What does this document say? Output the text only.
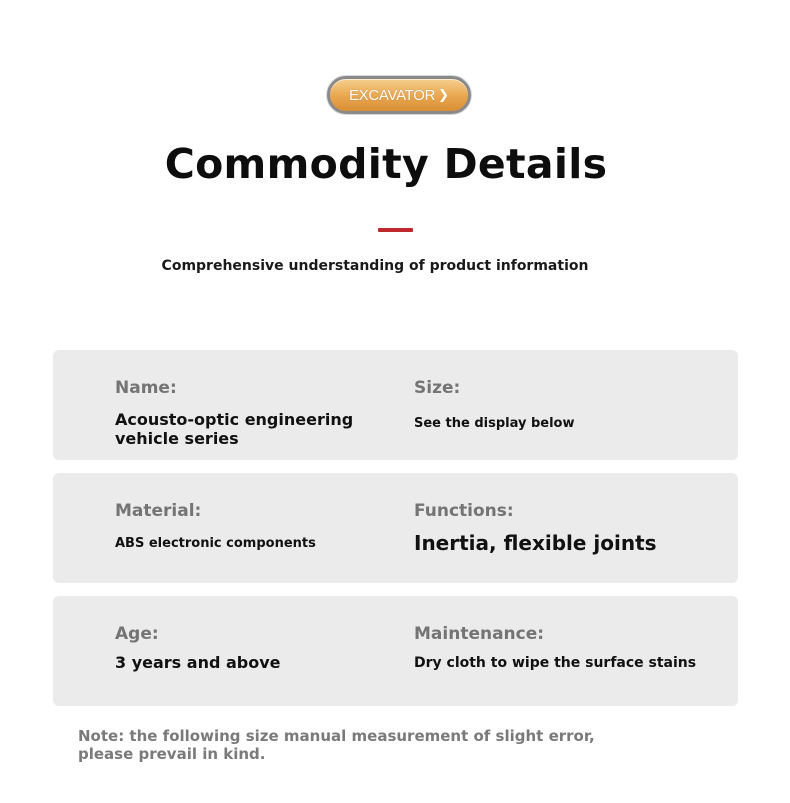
EXCAVATOR ❯
Commodity Details
Comprehensive understanding of product information
Name:
Acousto-optic engineering vehicle series
Size:
See the display below
Material:
ABS electronic components
Functions:
Inertia, flexible joints
Age:
3 years and above
Maintenance:
Dry cloth to wipe the surface stains
Note: the following size manual measurement of slight error, please prevail in kind.
